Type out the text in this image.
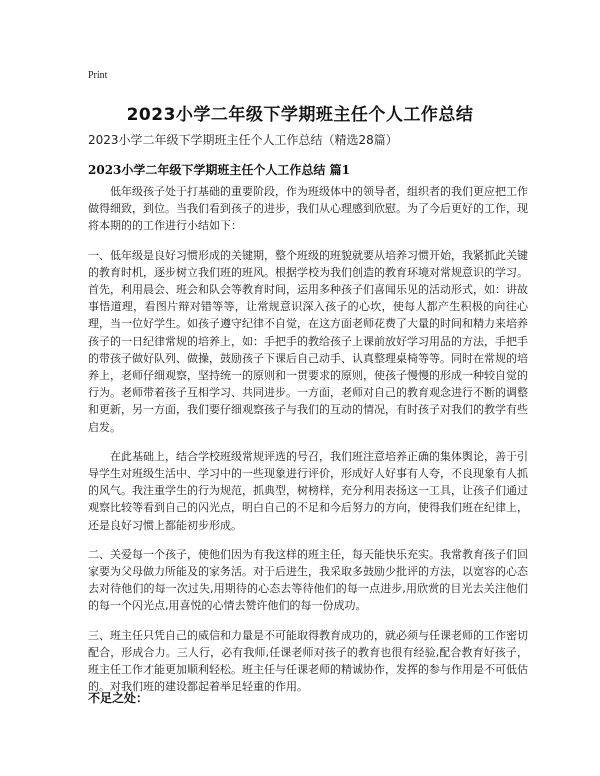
Print
2023小学二年级下学期班主任个人工作总结
2023小学二年级下学期班主任个人工作总结（精选28篇）
2023小学二年级下学期班主任个人工作总结 篇1

低年级孩子处于打基础的重要阶段，作为班级体中的领导者，组织者的我们更应把工作做得细致，到位。当我们看到孩子的进步，我们从心理感到欣慰。为了今后更好的工作，现将本期的的工作进行小结如下：

一、低年级是良好习惯形成的关键期，整个班级的班貌就要从培养习惯开始，我紧抓此关键的教育时机，逐步树立我们班的班风。根据学校为我们创造的教育环境对常规意识的学习。首先，利用晨会、班会和队会等教育时间，运用多种孩子们喜闻乐见的活动形式，如：讲故事悟道理，看图片辩对错等等，让常规意识深入孩子的心坎，使每人都产生积极的向往心理，当一位好学生。如孩子遵守纪律不自觉，在这方面老师花费了大量的时间和精力来培养孩子的一日纪律常规的培养上，如：手把手的教给孩子上课前放好学习用品的方法，手把手的带孩子做好队列、做操，鼓励孩子下课后自己动手、认真整理桌椅等等。同时在常规的培养上，老师仔细观察，坚持统一的原则和一贯要求的原则，使孩子慢慢的形成一种较自觉的行为。老师带着孩子互相学习、共同进步。一方面，老师对自己的教育观念进行不断的调整和更新，另一方面，我们要仔细观察孩子与我们的互动的情况，有时孩子对我们的教学有些启发。

在此基础上，结合学校班级常规评选的号召，我们班注意培养正确的集体舆论，善于引导学生对班级生活中、学习中的一些现象进行评价，形成好人好事有人夸，不良现象有人抓的风气。我注重学生的行为规范，抓典型，树榜样，充分利用表扬这一工具，让孩子们通过观察比较等看到自己的闪光点，明白自己的不足和今后努力的方向，使得我们班在纪律上，还是良好习惯上都能初步形成。

二、关爱每一个孩子，使他们因为有我这样的班主任，每天能快乐充实。我常教育孩子们回家要为父母做力所能及的家务活。对于后进生，我采取多鼓励少批评的方法，以宽容的心态去对待他们的每一次过失,用期待的心态去等待他们的每一点进步,用欣赏的目光去关注他们的每一个闪光点,用喜悦的心情去赞许他们的每一份成功。

三、班主任只凭自己的威信和力量是不可能取得教育成功的，就必须与任课老师的工作密切配合，形成合力。三人行，必有我师,任课老师对孩子的教育也很有经验,配合教育好孩子，班主任工作才能更加顺利轻松。班主任与任课老师的精诚协作，发挥的参与作用是不可低估的。对我们班的建设都起着举足轻重的作用。

不足之处：
